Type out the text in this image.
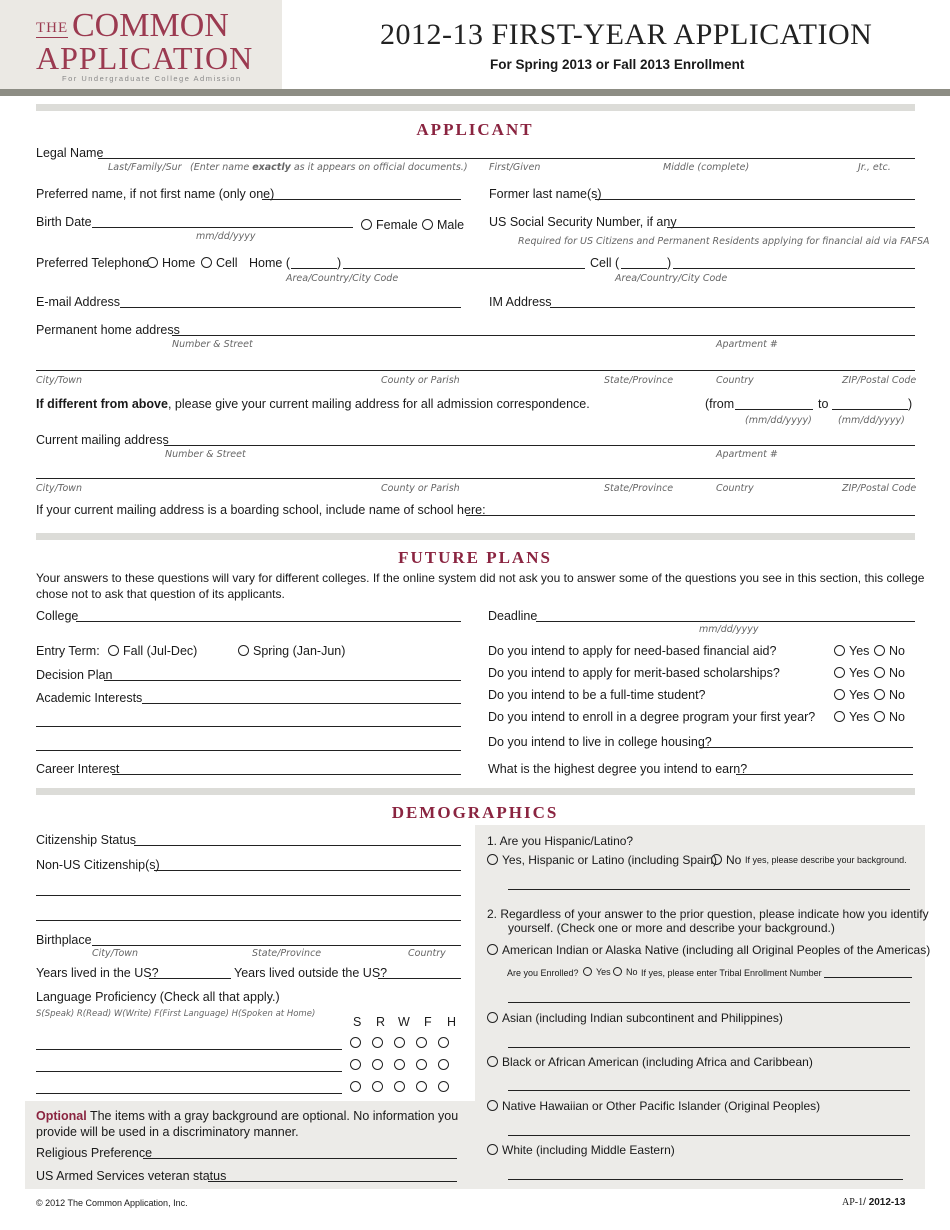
THE COMMON
APPLICATION
For Undergraduate College Admission
2012-13 FIRST-YEAR APPLICATION
For Spring 2013 or Fall 2013 Enrollment
APPLICANT
Legal Name
Last/Family/Sur (Enter name exactly as it appears on official documents.) First/Given	Middle (complete)	Jr., etc.
Preferred name, if not first name (only one)	Former last name(s)
Birth Date
mm/dd/yyyy
Female	Male US Social Security Number, if any
Required for US Citizens and Permanent Residents applying for financial aid via FAFSA
Preferred Telephone	Home	Cell Home (	)
Area/Country/City Code
Cell (	)
Area/Country/City Code
E-mail Address	IM Address
Permanent home address
Number & Street	Apartment #
City/Town	County or Parish	State/Province	Country	ZIP/Postal Code
If different from above, please give your current mailing address for all admission correspondence.	(from	to	)
(mm/dd/yyyy)	(mm/dd/yyyy)
Current mailing address
Number & Street	Apartment #
City/Town	County or Parish	State/Province	Country	ZIP/Postal Code
If your current mailing address is a boarding school, include name of school here:
FUTURE PLANS
Your answers to these questions will vary for different colleges. If the online system did not ask you to answer some of the questions you see in this section, this college
chose not to ask that question of its applicants.
College	Deadline
mm/dd/yyyy
Entry Term:	Fall (Jul-Dec)	Spring (Jan-Jun)
Decision Plan
Academic Interests
Career Interest
Do you intend to apply for need-based financial aid?	Yes	No
Do you intend to apply for merit-based scholarships?	Yes	No
Do you intend to be a full-time student?	Yes	No
Do you intend to enroll in a degree program your first year?	Yes	No
Do you intend to live in college housing?
What is the highest degree you intend to earn?
DEMOGRAPHICS
Citizenship Status
Non-US Citizenship(s)
Birthplace
City/Town	State/Province	Country
Years lived in the US?	Years lived outside the US?
Language Proficiency (Check all that apply.)
S(Speak) R(Read) W(Write) F(First Language) H(Spoken at Home)
S R W F H
Optional The items with a gray background are optional. No information you
provide will be used in a discriminatory manner.
Religious Preference
US Armed Services veteran status
1. Are you Hispanic/Latino?
Yes, Hispanic or Latino (including Spain) No If yes, please describe your background.
2. Regardless of your answer to the prior question, please indicate how you identify
yourself. (Check one or more and describe your background.)
American Indian or Alaska Native (including all Original Peoples of the Americas)
Are you Enrolled?	Yes	No If yes, please enter Tribal Enrollment Number
Asian (including Indian subcontinent and Philippines)
Black or African American (including Africa and Caribbean)
Native Hawaiian or Other Pacific Islander (Original Peoples)
White (including Middle Eastern)
© 2012 The Common Application, Inc.	AP-1/ 2012-13
